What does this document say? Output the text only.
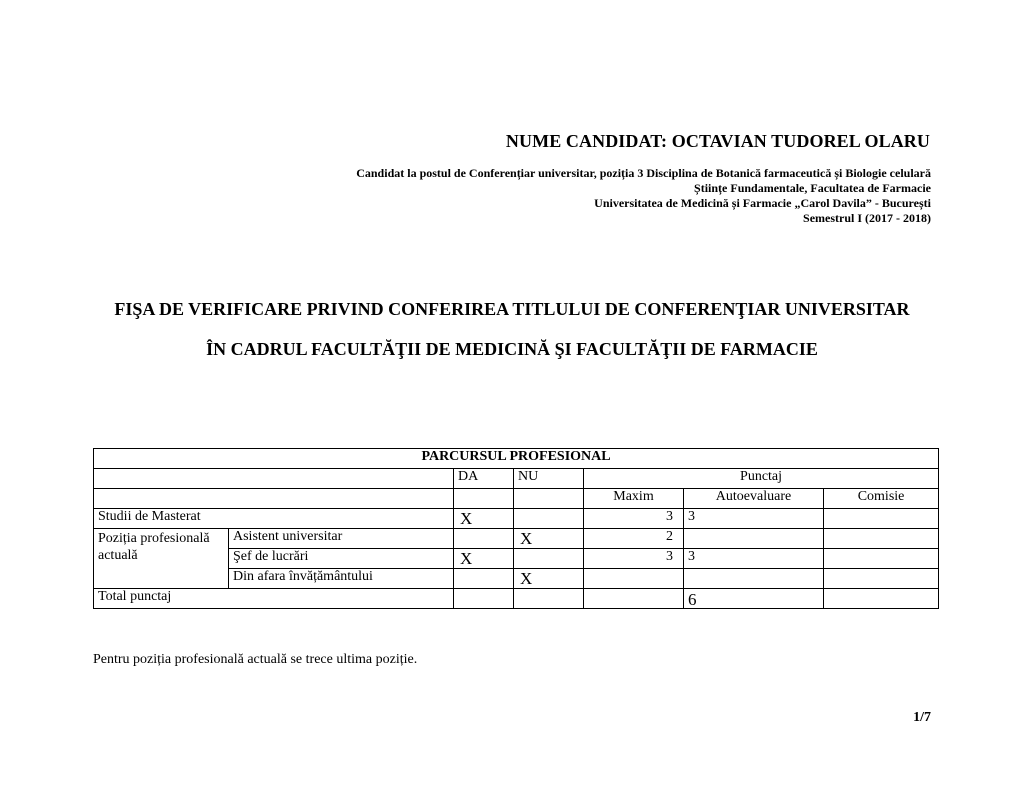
NUME CANDIDAT: OCTAVIAN TUDOREL OLARU
Candidat la postul de Conferențiar universitar, poziția 3 Disciplina de Botanică farmaceutică și Biologie celulară
Științe Fundamentale, Facultatea de Farmacie
Universitatea de Medicină și Farmacie „Carol Davila” - București
Semestrul I (2017 - 2018)
FIŞA DE VERIFICARE PRIVIND CONFERIREA TITLULUI DE CONFERENŢIAR UNIVERSITAR
ÎN CADRUL FACULTĂŢII DE MEDICINĂ ŞI FACULTĂŢII DE FARMACIE
PARCURSUL PROFESIONAL						
		DA	NU	Punctaj		
				Maxim	Autoevaluare	Comisie
Studii de Masterat		X		3	3	
Poziția profesională actuală	Asistent universitar		X	2		
	Şef de lucrări	X		3	3	
	Din afara învățământului		X			
Total punctaj					6	
Pentru poziția profesională actuală se trece ultima poziție.
1/7
